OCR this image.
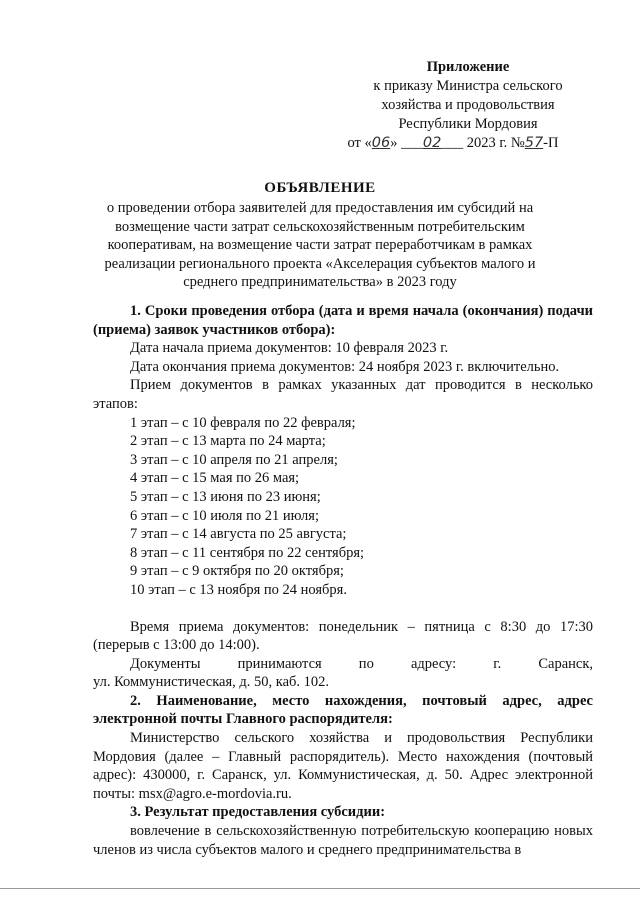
Приложение
к приказу Министра сельского
хозяйства и продовольствия
Республики Мордовия
от «06» ___02___ 2023 г. №57-П
ОБЪЯВЛЕНИЕ
о проведении отбора заявителей для предоставления им субсидий на возмещение части затрат сельскохозяйственным потребительским кооперативам, на возмещение части затрат переработчикам в рамках реализации регионального проекта «Акселерация субъектов малого и среднего предпринимательства» в 2023 году

1. Сроки проведения отбора (дата и время начала (окончания) подачи (приема) заявок участников отбора):

Дата начала приема документов: 10 февраля 2023 г.

Дата окончания приема документов: 24 ноября 2023 г. включительно.

Прием документов в рамках указанных дат проводится в несколько этапов:

1 этап – с 10 февраля по 22 февраля;
2 этап – с 13 марта по 24 марта;
3 этап – с 10 апреля по 21 апреля;
4 этап – с 15 мая по 26 мая;
5 этап – с 13 июня по 23 июня;
6 этап – с 10 июля по 21 июля;
7 этап – с 14 августа по 25 августа;
8 этап – с 11 сентября по 22 сентября;
9 этап – с 9 октября по 20 октября;
10 этап – с 13 ноября по 24 ноября.

Время приема документов: понедельник – пятница с 8:30 до 17:30 (перерыв с 13:00 до 14:00).

Документы принимаются по адресу: г. Саранск,

ул. Коммунистическая, д. 50, каб. 102.

2. Наименование, место нахождения, почтовый адрес, адрес электронной почты Главного распорядителя:

Министерство сельского хозяйства и продовольствия Республики Мордовия (далее – Главный распорядитель). Место нахождения (почтовый адрес): 430000, г. Саранск, ул. Коммунистическая, д. 50. Адрес электронной почты: msx@agro.e-mordovia.ru.

3. Результат предоставления субсидии:

вовлечение в сельскохозяйственную потребительскую кооперацию новых членов из числа субъектов малого и среднего предпринимательства в
